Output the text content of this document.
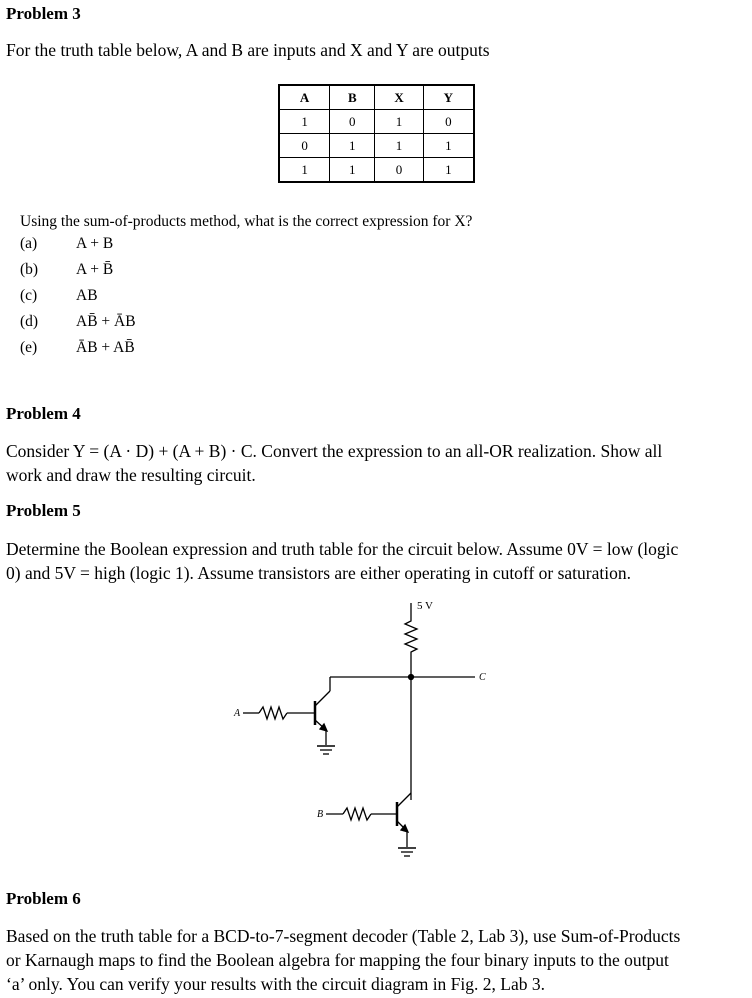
Problem 3
For the truth table below, A and B are inputs and X and Y are outputs
A	B	X	Y
1	0	1	0
0	1	1	1
1	1	0	1
Using the sum-of-products method, what is the correct expression for X?
(a)	A + B
(b) A + B̄
(c)	AB
(d) AB̄ + ĀB
(e)	ĀB + AB̄
Problem 4
Consider Y = (A · D) + (A + B) · C. Convert the expression to an all-OR realization. Show all
work and draw the resulting circuit.
Problem 5
Determine the Boolean expression and truth table for the circuit below. Assume 0V = low (logic
0) and 5V = high (logic 1). Assume transistors are either operating in cutoff or saturation.
5 V
C
A
B
Problem 6
Based on the truth table for a BCD-to-7-segment decoder (Table 2, Lab 3), use Sum-of-Products
or Karnaugh maps to find the Boolean algebra for mapping the four binary inputs to the output
‘a’ only. You can verify your results with the circuit diagram in Fig. 2, Lab 3.
